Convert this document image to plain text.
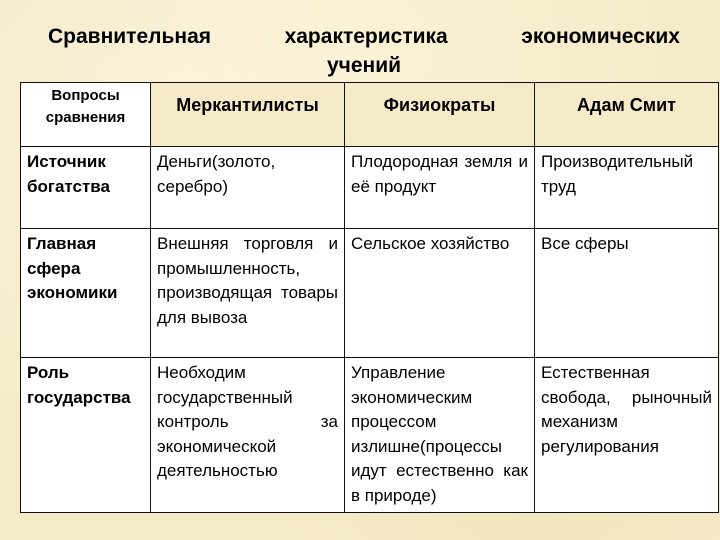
Сравнительная	характеристика	экономических
учений
Вопросы сравнения	Меркантилисты	Физиократы	Адам Смит
Источник богатства	Деньги(золото, серебро)	Плодородная земля и её продукт	Производительный труд
Главная сфера экономики	Внешняя торговля и промышленность, производящая товары для вывоза	Сельское хозяйство	Все сферы
Роль государства	Необходим государственный контроль за экономической деятельностью	Управление экономическим процессом излишне(процессы идут естественно как в природе)	Естественная свобода, рыночный механизм регулирования
